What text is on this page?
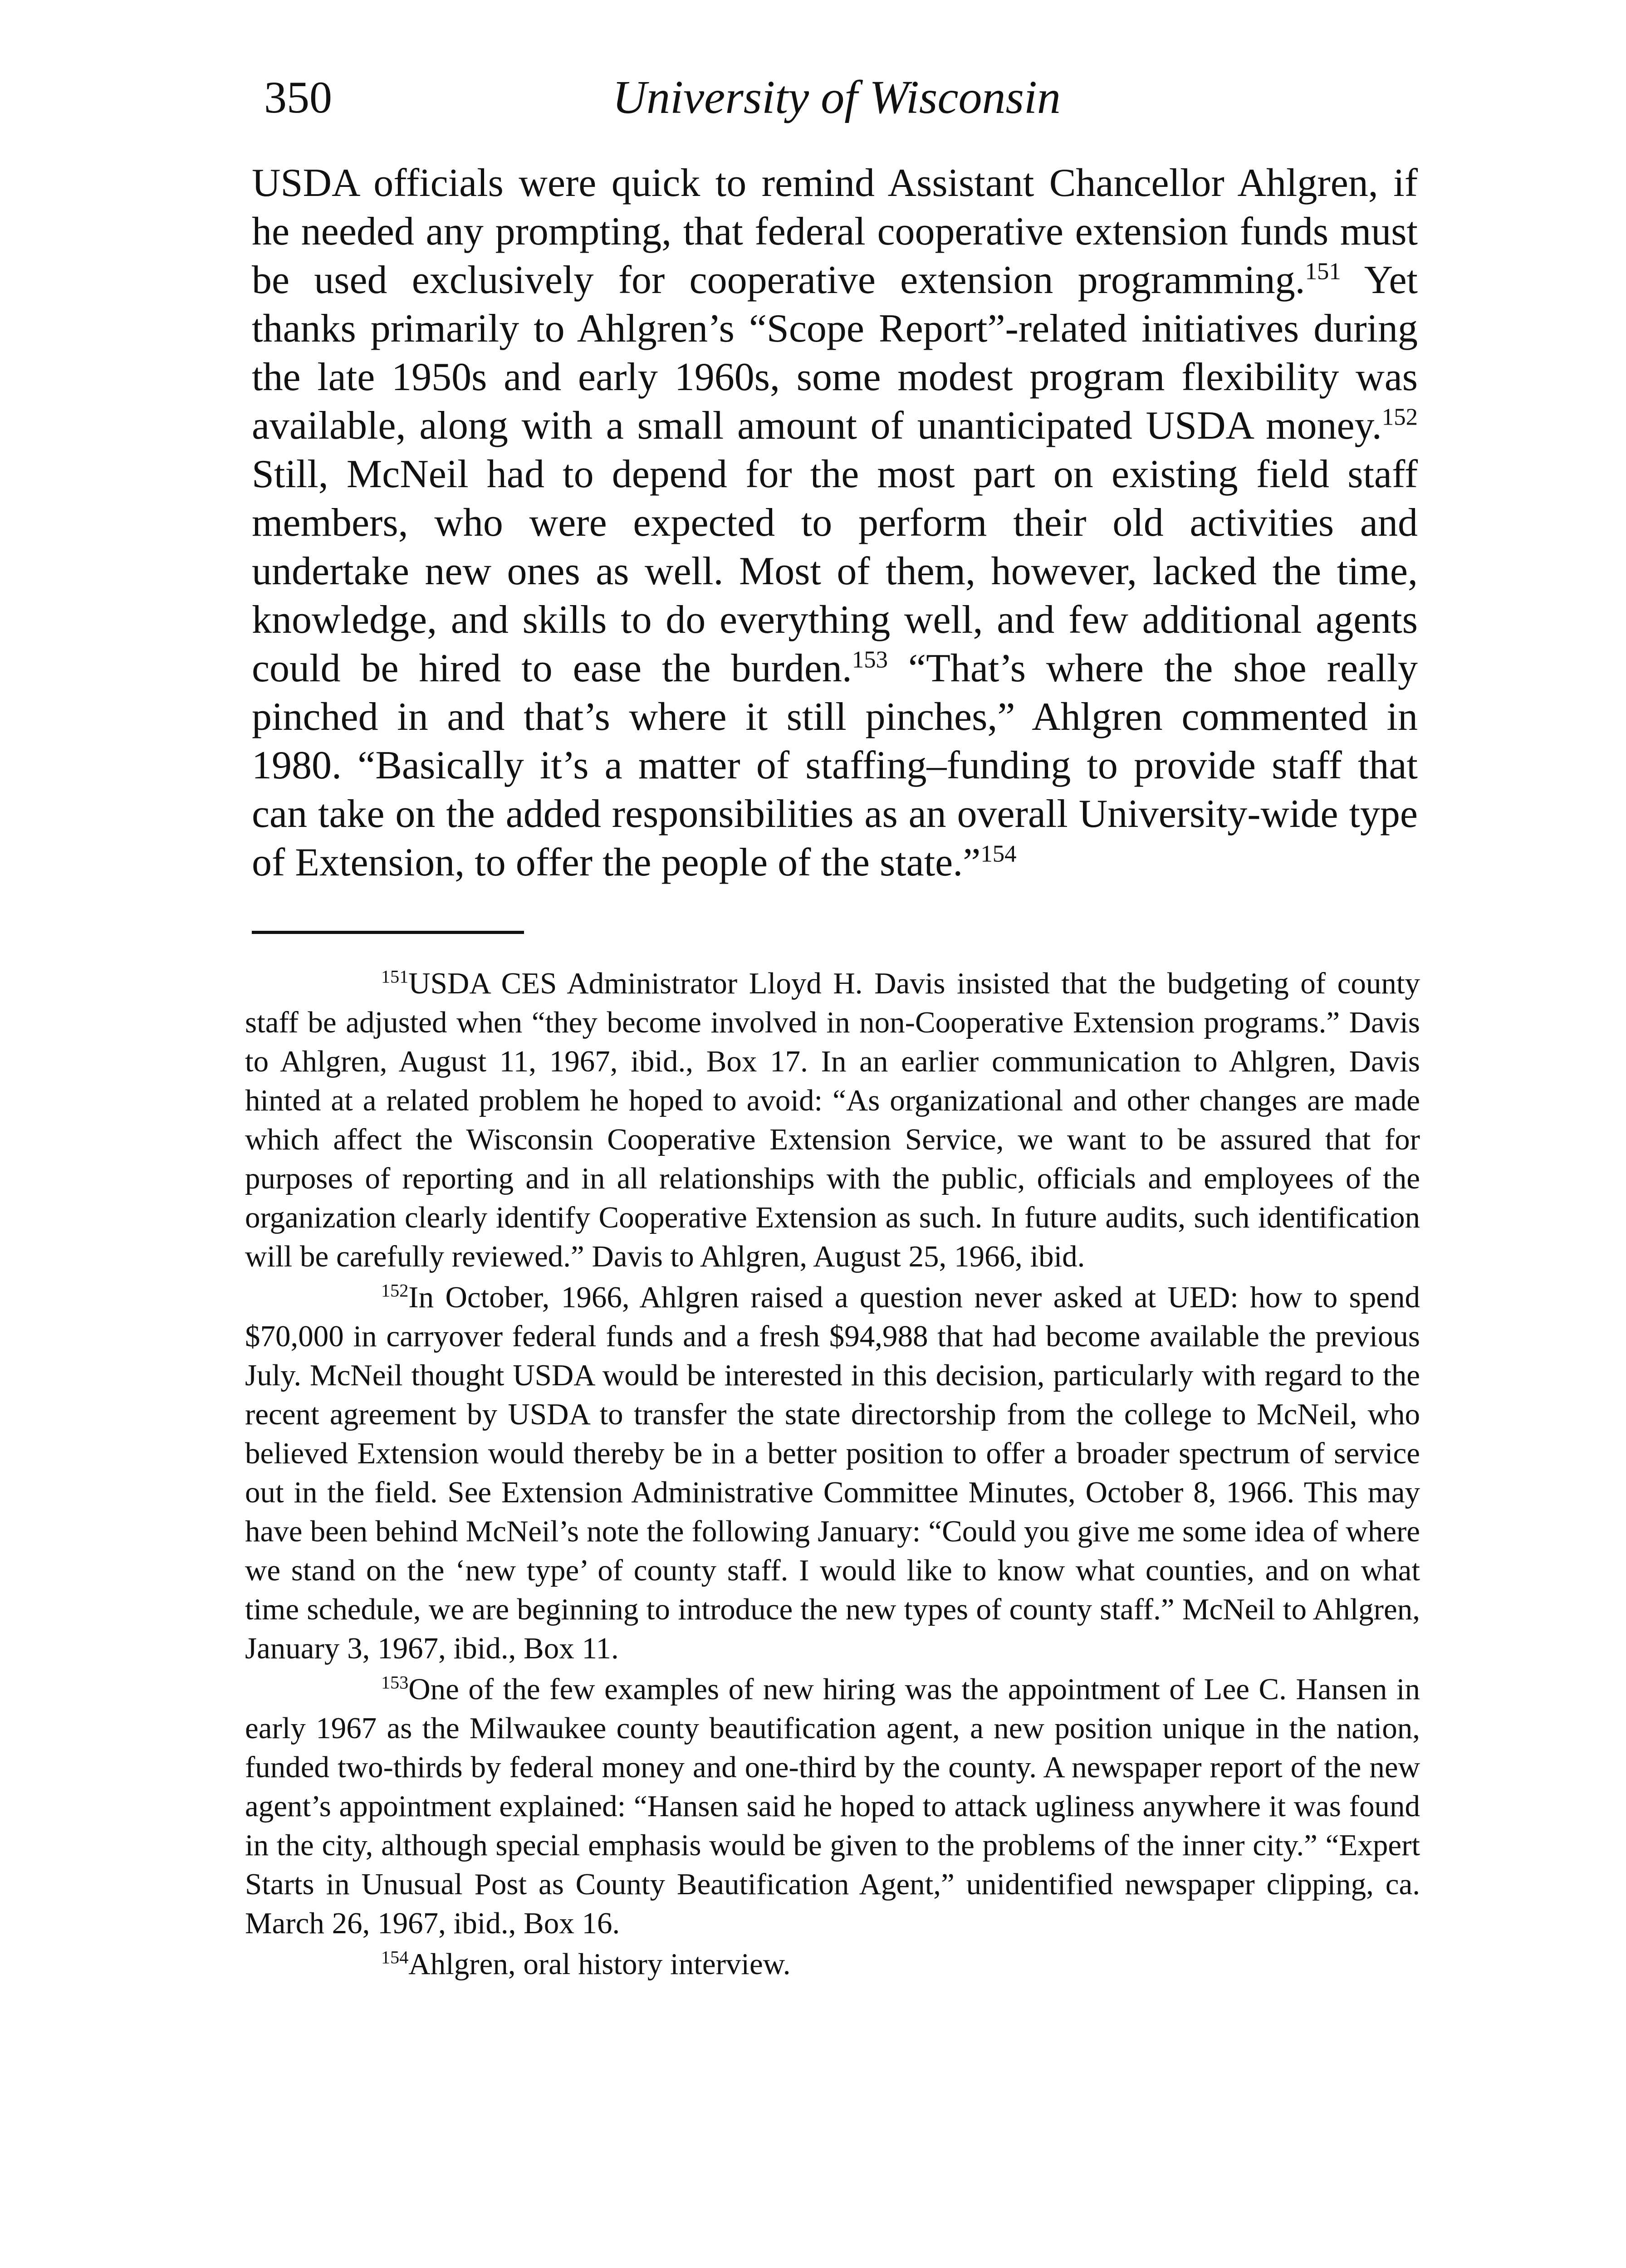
350	University of Wisconsin

USDA officials were quick to remind Assistant Chancellor Ahlgren, if he needed any prompting, that federal cooperative extension funds must be used exclusively for cooperative extension programming.$^{151}$ Yet thanks primarily to Ahlgren’s “Scope Report”-related initiatives during the late 1950s and early 1960s, some modest program flexibility was available, along with a small amount of unanticipated USDA money.$^{152}$ Still, McNeil had to depend for the most part on existing field staff members, who were expected to perform their old activities and undertake new ones as well. Most of them, however, lacked the time, knowledge, and skills to do everything well, and few additional agents could be hired to ease the burden.$^{153}$ “That’s where the shoe really pinched in and that’s where it still pinches,” Ahlgren commented in 1980. “Basically it’s a matter of staffing–funding to provide staff that can take on the added responsibilities as an overall University-wide type of Extension, to offer the people of the state.”$^{154}$

$^{151}$USDA CES Administrator Lloyd H. Davis insisted that the budgeting of county staff be adjusted when “they become involved in non-Cooperative Extension programs.” Davis to Ahlgren, August 11, 1967, ibid., Box 17. In an earlier communication to Ahlgren, Davis hinted at a related problem he hoped to avoid: “As organizational and other changes are made which affect the Wisconsin Cooperative Extension Service, we want to be assured that for purposes of reporting and in all relationships with the public, officials and employees of the organization clearly identify Cooperative Extension as such. In future audits, such identification will be carefully reviewed.” Davis to Ahlgren, August 25, 1966, ibid.

$^{152}$In October, 1966, Ahlgren raised a question never asked at UED: how to spend $70,000 in carryover federal funds and a fresh $94,988 that had become available the previous July. McNeil thought USDA would be interested in this decision, particularly with regard to the recent agreement by USDA to transfer the state directorship from the college to McNeil, who believed Extension would thereby be in a better position to offer a broader spectrum of service out in the field. See Extension Administrative Committee Minutes, October 8, 1966. This may have been behind McNeil’s note the following January: “Could you give me some idea of where we stand on the ‘new type’ of county staff. I would like to know what counties, and on what time schedule, we are beginning to introduce the new types of county staff.” McNeil to Ahlgren, January 3, 1967, ibid., Box 11.

$^{153}$One of the few examples of new hiring was the appointment of Lee C. Hansen in early 1967 as the Milwaukee county beautification agent, a new position unique in the nation, funded two-thirds by federal money and one-third by the county. A newspaper report of the new agent’s appointment explained: “Hansen said he hoped to attack ugliness anywhere it was found in the city, although special emphasis would be given to the problems of the inner city.” “Expert Starts in Unusual Post as County Beautification Agent,” unidentified newspaper clipping, ca. March 26, 1967, ibid., Box 16.

$^{154}$Ahlgren, oral history interview.
